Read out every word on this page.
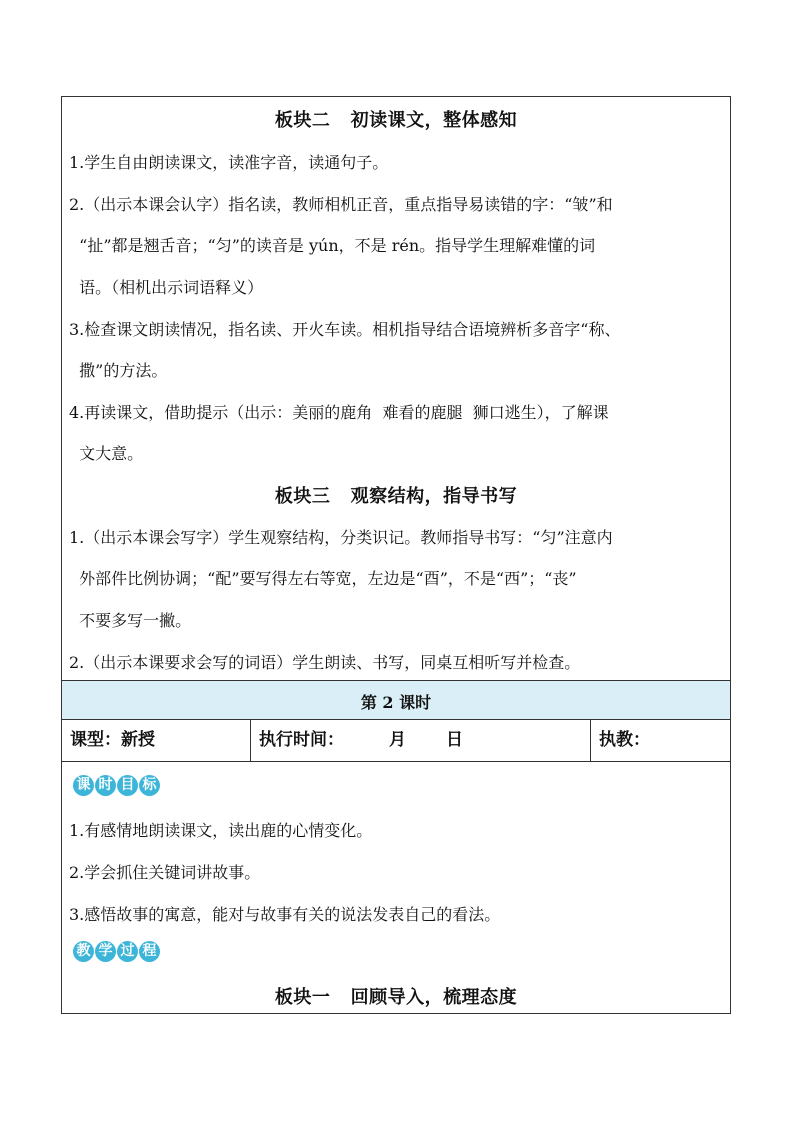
板块二   初读课文，整体感知
1.学生自由朗读课文，读准字音，读通句子。
2.（出示本课会认字）指名读，教师相机正音，重点指导易读错的字：“皱”和
“扯”都是翘舌音；“匀”的读音是 yún，不是 rén。指导学生理解难懂的词
语。（相机出示词语释义）
3.检查课文朗读情况，指名读、开火车读。相机指导结合语境辨析多音字“称、
撒”的方法。
4.再读课文，借助提示（出示：美丽的鹿角  难看的鹿腿  狮口逃生），了解课
文大意。
板块三   观察结构，指导书写
1.（出示本课会写字）学生观察结构，分类识记。教师指导书写：“匀”注意内
外部件比例协调；“配”要写得左右等宽，左边是“酉”，不是“西”；“丧”
不要多写一撇。
2.（出示本课要求会写的词语）学生朗读、书写，同桌互相听写并检查。
第 2 课时
课型：新授	执行时间：	月 日	执教：
课 时 目 标
1.有感情地朗读课文，读出鹿的心情变化。
2.学会抓住关键词讲故事。
3.感悟故事的寓意，能对与故事有关的说法发表自己的看法。
教 学 过 程
板块一   回顾导入，梳理态度
